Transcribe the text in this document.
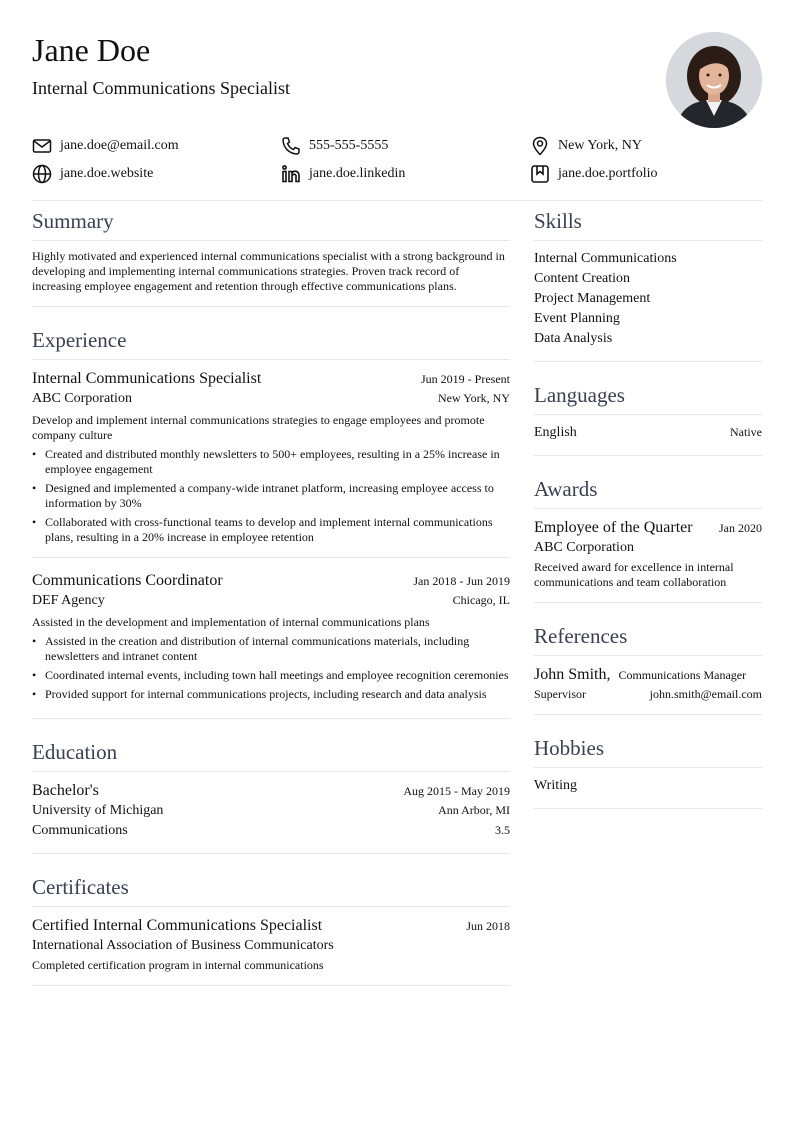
Jane Doe
Internal Communications Specialist
jane.doe@email.com	555-555-5555	New York, NY
jane.doe.website	jane.doe.linkedin	jane.doe.portfolio
Summary
Highly motivated and experienced internal communications specialist with a strong background in developing and implementing internal communications strategies. Proven track record of increasing employee engagement and retention through effective communications plans.
Experience
Internal Communications Specialist	Jun 2019 - Present
ABC Corporation	New York, NY
Develop and implement internal communications strategies to engage employees and promote company culture
• Created and distributed monthly newsletters to 500+ employees, resulting in a 25% increase in employee engagement
• Designed and implemented a company-wide intranet platform, increasing employee access to information by 30%
• Collaborated with cross-functional teams to develop and implement internal communications plans, resulting in a 20% increase in employee retention
Communications Coordinator	Jan 2018 - Jun 2019
DEF Agency	Chicago, IL
Assisted in the development and implementation of internal communications plans
• Assisted in the creation and distribution of internal communications materials, including newsletters and intranet content
• Coordinated internal events, including town hall meetings and employee recognition ceremonies
• Provided support for internal communications projects, including research and data analysis
Education
Bachelor's	Aug 2015 - May 2019
University of Michigan	Ann Arbor, MI
Communications	3.5
Certificates
Certified Internal Communications Specialist	Jun 2018
International Association of Business Communicators
Completed certification program in internal communications
Skills
Internal Communications
Content Creation
Project Management
Event Planning
Data Analysis
Languages
English	Native
Awards
Employee of the Quarter Jan 2020
ABC Corporation
Received award for excellence in internal communications and team collaboration
References
John Smith, Communications Manager
Supervisor	john.smith@email.com
Hobbies
Writing
